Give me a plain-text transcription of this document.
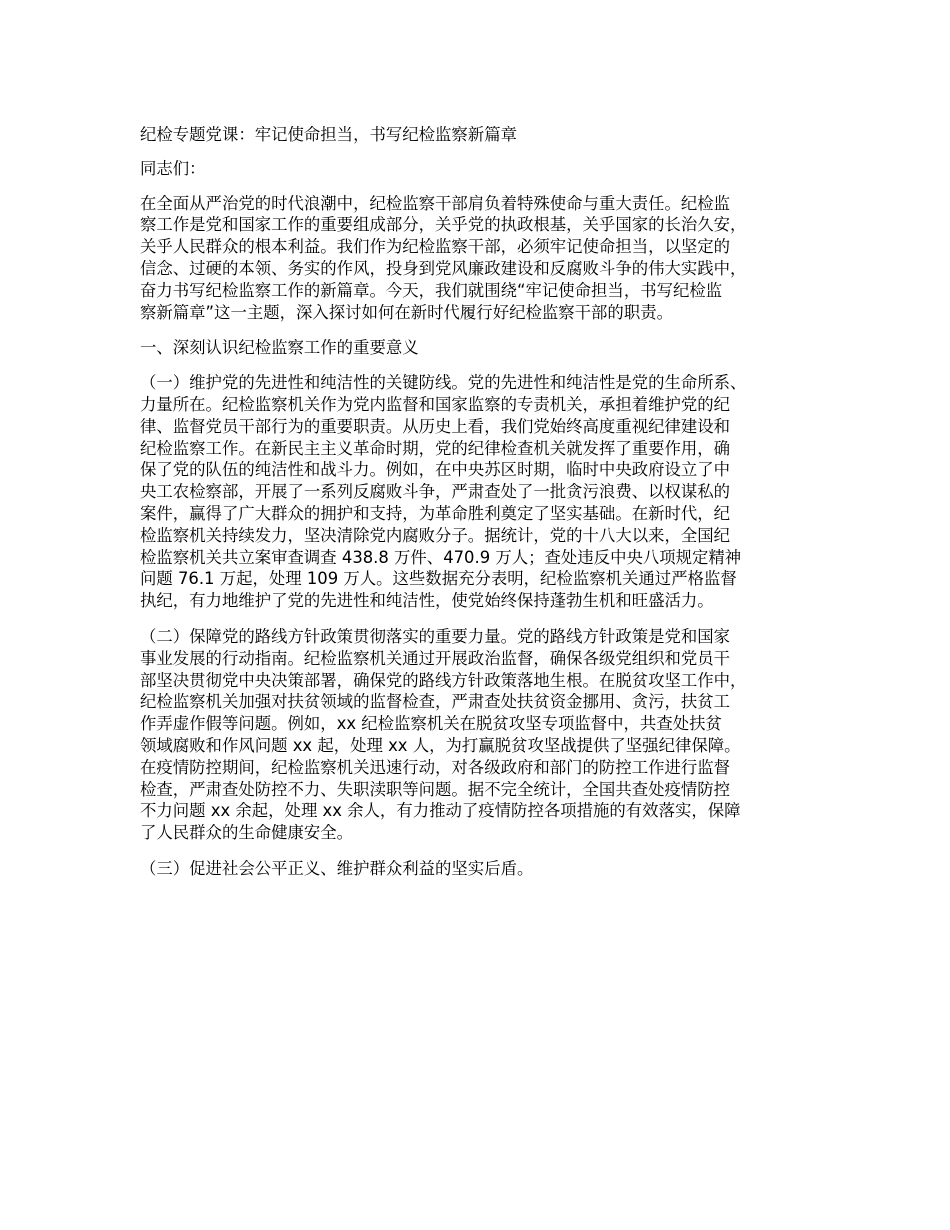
纪检专题党课：牢记使命担当，书写纪检监察新篇章

同志们：

在全面从严治党的时代浪潮中，纪检监察干部肩负着特殊使命与重大责任。纪检监
察工作是党和国家工作的重要组成部分，关乎党的执政根基，关乎国家的长治久安，
关乎人民群众的根本利益。我们作为纪检监察干部，必须牢记使命担当，以坚定的
信念、过硬的本领、务实的作风，投身到党风廉政建设和反腐败斗争的伟大实践中，
奋力书写纪检监察工作的新篇章。今天，我们就围绕“牢记使命担当，书写纪检监
察新篇章”这一主题，深入探讨如何在新时代履行好纪检监察干部的职责。

一、深刻认识纪检监察工作的重要意义

（一）维护党的先进性和纯洁性的关键防线。党的先进性和纯洁性是党的生命所系、
力量所在。纪检监察机关作为党内监督和国家监察的专责机关，承担着维护党的纪
律、监督党员干部行为的重要职责。从历史上看，我们党始终高度重视纪律建设和
纪检监察工作。在新民主主义革命时期，党的纪律检查机关就发挥了重要作用，确
保了党的队伍的纯洁性和战斗力。例如，在中央苏区时期，临时中央政府设立了中
央工农检察部，开展了一系列反腐败斗争，严肃查处了一批贪污浪费、以权谋私的
案件，赢得了广大群众的拥护和支持，为革命胜利奠定了坚实基础。在新时代，纪
检监察机关持续发力，坚决清除党内腐败分子。据统计，党的十八大以来，全国纪
检监察机关共立案审查调查 438.8 万件、470.9 万人；查处违反中央八项规定精神
问题 76.1 万起，处理 109 万人。这些数据充分表明，纪检监察机关通过严格监督
执纪，有力地维护了党的先进性和纯洁性，使党始终保持蓬勃生机和旺盛活力。

（二）保障党的路线方针政策贯彻落实的重要力量。党的路线方针政策是党和国家
事业发展的行动指南。纪检监察机关通过开展政治监督，确保各级党组织和党员干
部坚决贯彻党中央决策部署，确保党的路线方针政策落地生根。在脱贫攻坚工作中，
纪检监察机关加强对扶贫领域的监督检查，严肃查处扶贫资金挪用、贪污，扶贫工
作弄虚作假等问题。例如，xx 纪检监察机关在脱贫攻坚专项监督中，共查处扶贫
领域腐败和作风问题 xx 起，处理 xx 人，为打赢脱贫攻坚战提供了坚强纪律保障。
在疫情防控期间，纪检监察机关迅速行动，对各级政府和部门的防控工作进行监督
检查，严肃查处防控不力、失职渎职等问题。据不完全统计，全国共查处疫情防控
不力问题 xx 余起，处理 xx 余人，有力推动了疫情防控各项措施的有效落实，保障
了人民群众的生命健康安全。

（三）促进社会公平正义、维护群众利益的坚实后盾。
